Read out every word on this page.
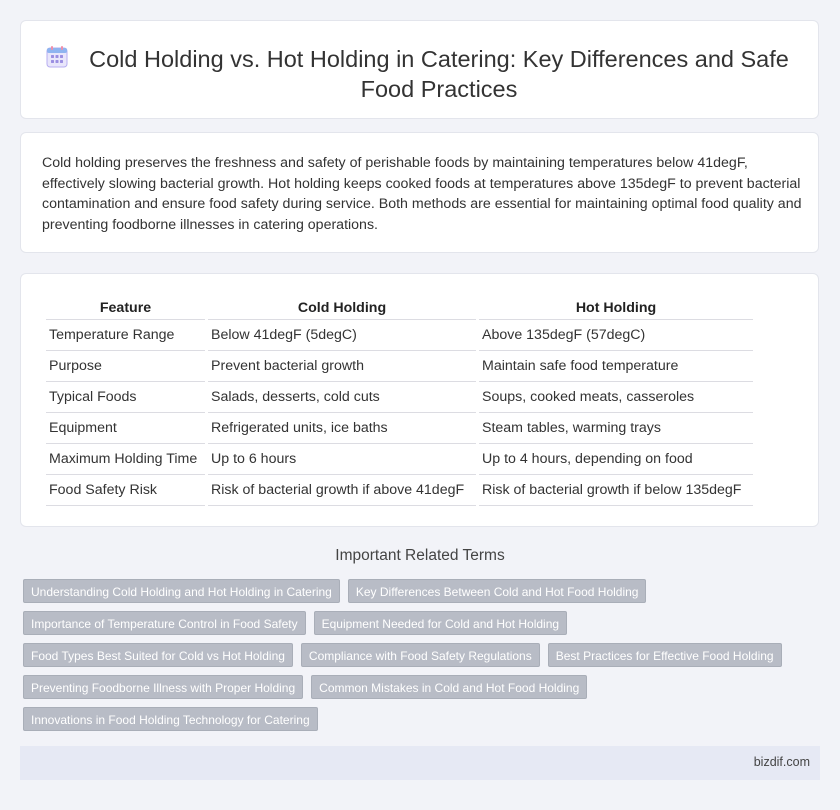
Cold Holding vs. Hot Holding in Catering: Key Differences and Safe Food Practices

Cold holding preserves the freshness and safety of perishable foods by maintaining temperatures below 41degF, effectively slowing bacterial growth. Hot holding keeps cooked foods at temperatures above 135degF to prevent bacterial contamination and ensure food safety during service. Both methods are essential for maintaining optimal food quality and preventing foodborne illnesses in catering operations.

Feature	Cold Holding	Hot Holding
Temperature Range	Below 41degF (5degC)	Above 135degF (57degC)
Purpose	Prevent bacterial growth	Maintain safe food temperature
Typical Foods	Salads, desserts, cold cuts	Soups, cooked meats, casseroles
Equipment	Refrigerated units, ice baths	Steam tables, warming trays
Maximum Holding Time	Up to 6 hours	Up to 4 hours, depending on food
Food Safety Risk	Risk of bacterial growth if above 41degF	Risk of bacterial growth if below 135degF
Important Related Terms
Understanding Cold Holding and Hot Holding in Catering	Key Differences Between Cold and Hot Food Holding
Importance of Temperature Control in Food Safety	Equipment Needed for Cold and Hot Holding
Food Types Best Suited for Cold vs Hot Holding	Compliance with Food Safety Regulations	Best Practices for Effective Food Holding
Preventing Foodborne Illness with Proper Holding	Common Mistakes in Cold and Hot Food Holding
Innovations in Food Holding Technology for Catering
bizdif.com
